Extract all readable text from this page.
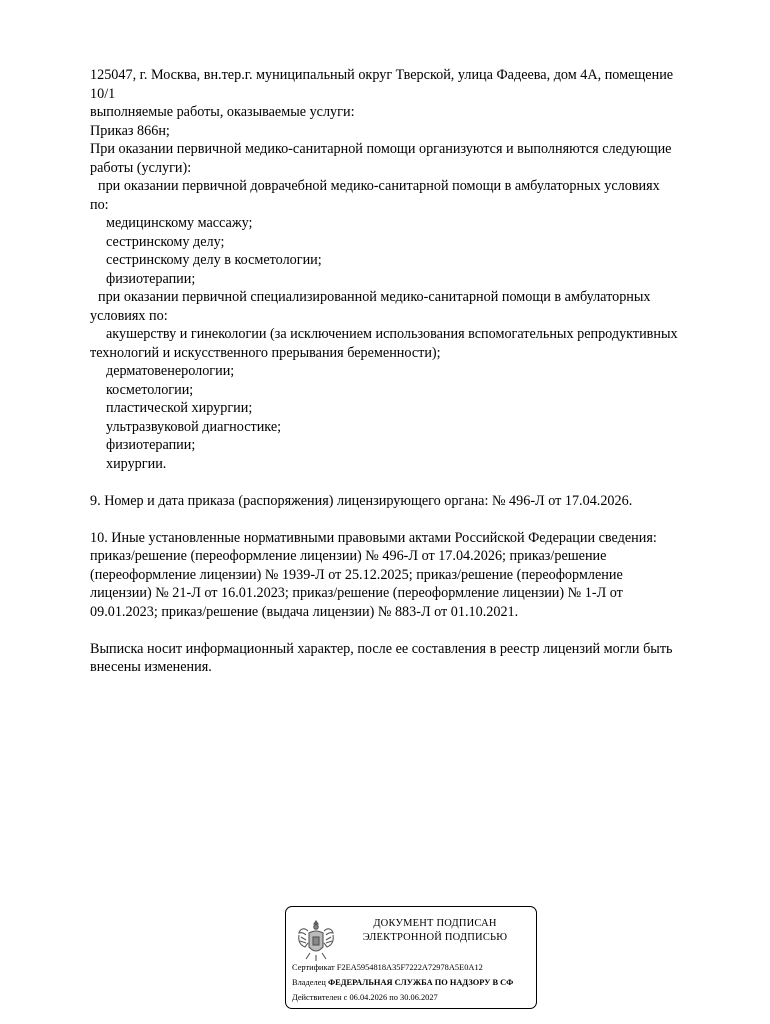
125047, г. Москва, вн.тер.г. муниципальный округ Тверской, улица Фадеева, дом 4А, помещение
10/1
выполняемые работы, оказываемые услуги:
Приказ 866н;
При оказании первичной медико-санитарной помощи организуются и выполняются следующие
работы (услуги):
при оказании первичной доврачебной медико-санитарной помощи в амбулаторных условиях
по:
медицинскому массажу;
сестринскому делу;
сестринскому делу в косметологии;
физиотерапии;
при оказании первичной специализированной медико-санитарной помощи в амбулаторных
условиях по:
акушерству и гинекологии (за исключением использования вспомогательных репродуктивных
технологий и искусственного прерывания беременности);
дерматовенерологии;
косметологии;
пластической хирургии;
ультразвуковой диагностике;
физиотерапии;
хирургии.
9. Номер и дата приказа (распоряжения) лицензирующего органа: № 496-Л от 17.04.2026.
10. Иные установленные нормативными правовыми актами Российской Федерации сведения:
приказ/решение (переоформление лицензии) № 496-Л от 17.04.2026; приказ/решение
(переоформление лицензии) № 1939-Л от 25.12.2025; приказ/решение (переоформление
лицензии) № 21-Л от 16.01.2023; приказ/решение (переоформление лицензии) № 1-Л от
09.01.2023; приказ/решение (выдача лицензии) № 883-Л от 01.10.2021.
Выписка носит информационный характер, после ее составления в реестр лицензий могли быть
внесены изменения.
ДОКУМЕНТ ПОДПИСАН
ЭЛЕКТРОННОЙ ПОДПИСЬЮ
Сертификат F2EA5954818A35F7222A72978A5E0A12
Владелец ФЕДЕРАЛЬНАЯ СЛУЖБА ПО НАДЗОРУ В СФ
Действителен с 06.04.2026 по 30.06.2027
